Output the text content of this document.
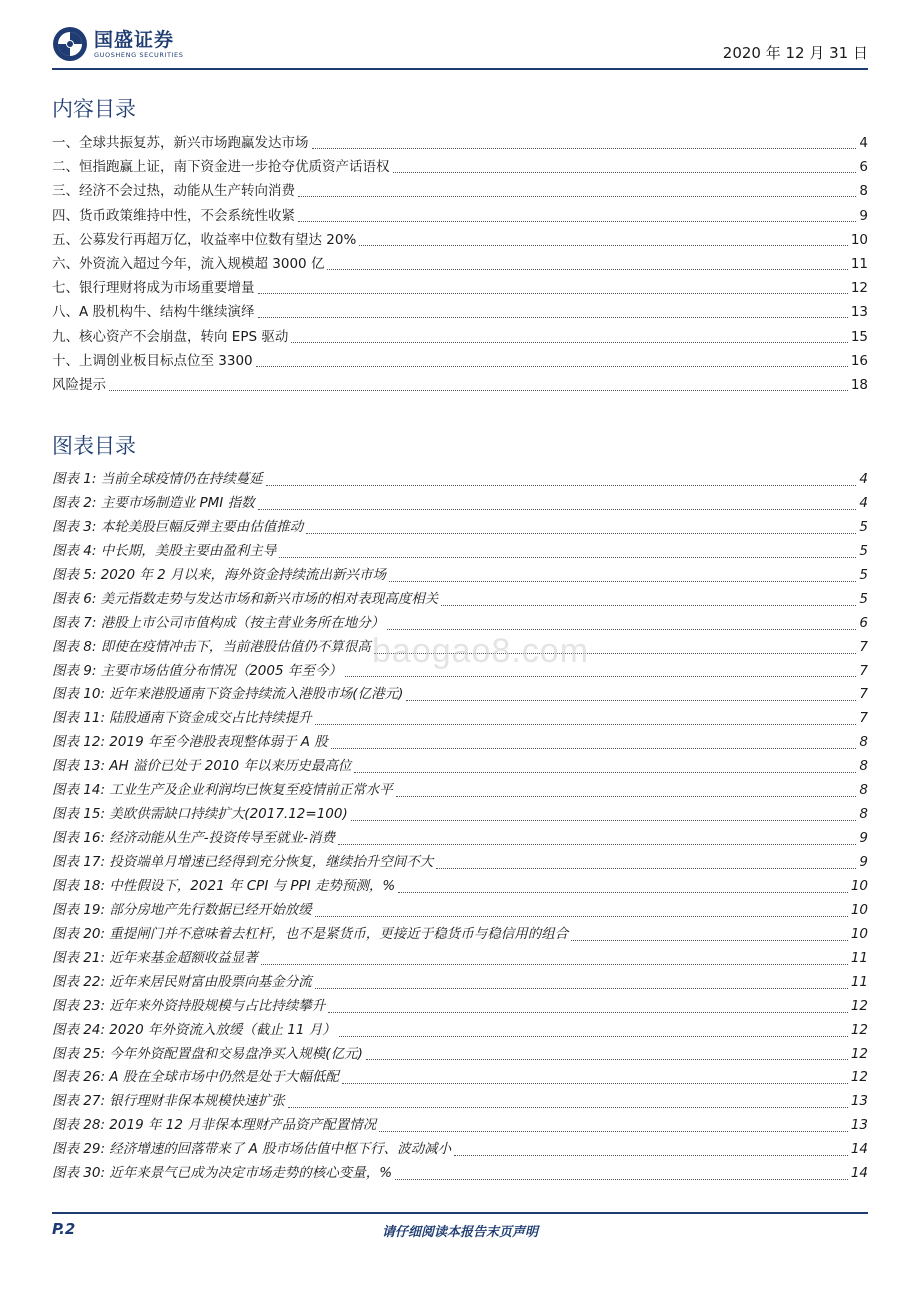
国盛证券
GUOSHENG SECURITIES	2020 年 12 月 31 日
内容目录
一、全球共振复苏，新兴市场跑赢发达市场	4
二、恒指跑赢上证，南下资金进一步抢夺优质资产话语权	6
三、经济不会过热，动能从生产转向消费	8
四、货币政策维持中性，不会系统性收紧	9
五、公募发行再超万亿，收益率中位数有望达 20%	10
六、外资流入超过今年，流入规模超 3000 亿	11
七、银行理财将成为市场重要增量	12
八、A 股机构牛、结构牛继续演绎	13
九、核心资产不会崩盘，转向 EPS 驱动	15
十、上调创业板目标点位至 3300	16
风险提示	18
图表目录
图表 1: 当前全球疫情仍在持续蔓延	4
图表 2: 主要市场制造业 PMI 指数	4
图表 3: 本轮美股巨幅反弹主要由估值推动	5
图表 4: 中长期，美股主要由盈利主导	5
图表 5: 2020 年 2 月以来，海外资金持续流出新兴市场	5
图表 6: 美元指数走势与发达市场和新兴市场的相对表现高度相关	5
图表 7: 港股上市公司市值构成（按主营业务所在地分）	6
图表 8: 即使在疫情冲击下，当前港股估值仍不算很高	7
图表 9: 主要市场估值分布情况（2005 年至今）	7
图表 10: 近年来港股通南下资金持续流入港股市场(亿港元)	7
图表 11: 陆股通南下资金成交占比持续提升	7
图表 12: 2019 年至今港股表现整体弱于 A 股	8
图表 13: AH 溢价已处于 2010 年以来历史最高位	8
图表 14: 工业生产及企业利润均已恢复至疫情前正常水平	8
图表 15: 美欧供需缺口持续扩大(2017.12=100)	8
图表 16: 经济动能从生产-投资传导至就业-消费	9
图表 17: 投资端单月增速已经得到充分恢复，继续抬升空间不大	9
图表 18: 中性假设下，2021 年 CPI 与 PPI 走势预测，%	10
图表 19: 部分房地产先行数据已经开始放缓	10
图表 20: 重提闸门并不意味着去杠杆，也不是紧货币，更接近于稳货币与稳信用的组合	10
图表 21: 近年来基金超额收益显著	11
图表 22: 近年来居民财富由股票向基金分流	11
图表 23: 近年来外资持股规模与占比持续攀升	12
图表 24: 2020 年外资流入放缓（截止 11 月）	12
图表 25: 今年外资配置盘和交易盘净买入规模(亿元)	12
图表 26: A 股在全球市场中仍然是处于大幅低配	12
图表 27: 银行理财非保本规模快速扩张	13
图表 28: 2019 年 12 月非保本理财产品资产配置情况	13
图表 29: 经济增速的回落带来了 A 股市场估值中枢下行、波动减小	14
图表 30: 近年来景气已成为决定市场走势的核心变量，%	14
baogao8.com
P.2	请仔细阅读本报告末页声明
